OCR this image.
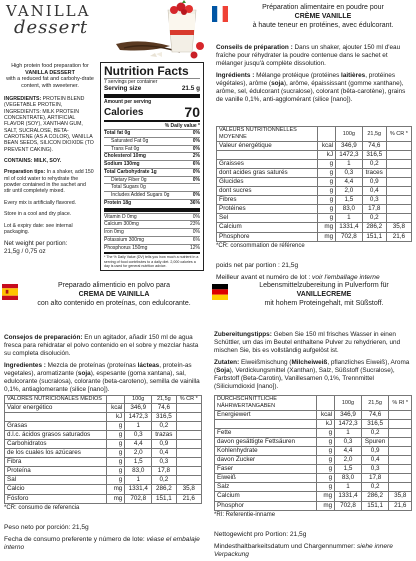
VANILLA
dessert
High protein food preparation for
VANILLA DESSERT
with a reduced fat and carbohy-drate content, with sweetener.

INGREDIENTS: PROTEIN BLEND (VEGETABLE PROTEIN, INGREDIENTS: MILK PROTEIN CONCENTRATE), ARTIFICIAL FLAVOR (SOY), XANTHAN GUM, SALT, SUCRALOSE, BETA-CAROTENE (AS A COLOR), VANILLA BEAN SEEDS, SILICON DIOXIDE (TO PREVENT CAKING).

CONTAINS: MILK, SOY.

Preparation tips: In a shaker, add 150 ml of cold water to rehydrate the powder contained in the sachet and stir until completely mixed.

Every mix is artificially flavored.

Store in a cool and dry place.

Lot & expiry date: see internal packaging.

Net weight per portion:
21,5g / 0,75 oz
Nutrition Facts
7 servings per container
Serving size	21.5 g
Amount per serving
Calories	70
% Daily value *
Total fat 0g	0%
Saturated Fat 0g	0%
Trans Fat 0g	0%
Cholesterol 10mg	2%
Sodium 130mg	6%
Total Carbohydrate 1g	0%
Dietary Fiber 0g	0%
Total Sugars 0g
Includes Added Sugars 0g	0%
Protein 18g	36%
Vitamin D 0mg	0%
Calcium 300mg	23%
Iron 0mg	0%
Potassium 300mg	6%
Phosphorus 150mg	12%
* The % Daily Value (DV) tells you how much a nutrient in a serving of food contributes to a daily diet. 2,000 calories a day is used for general nutrition advice.
Préparation alimentaire en poudre pour
CRÈME VANILLE
à haute teneur en protéines, avec édulcorant.

Conseils de préparation : Dans un shaker, ajouter 150 ml d'eau fraîche pour réhydrater la poudre contenue dans le sachet et mélanger jusqu'à complète dissolution.

Ingrédients : Mélange protéique (protéines laitières, protéines végétales), arôme (soja), arôme, épaississant (gomme xanthane), arôme, sel, édulcorant (sucralose), colorant (bêta-carotène), grains de vanille 0,1%, anti-agglomérant (silice [nano]).

VALEURS NUTRITIONNELLES MOYENNE		100g	21,5g	% CR *
Valeur énergétique	kcal	346,9	74,6	
	kJ	1472,3	316,5	
Graisses	g	1	0,2	
dont acides gras saturés	g	0,3	traces	
Glucides	g	4,4	0,9	
dont sucres	g	2,0	0,4	
Fibres	g	1,5	0,3	
Protéines	g	83,0	17,8	
Sel	g	1	0,2	
Calcium	mg	1331,4	286,2	35,8
Phosphore	mg	702,8	151,1	21,6
*CR: consommation de référence
poids net par portion : 21,5g
Meilleur avant et numéro de lot : voir l'emballage interne
Preparado alimenticio en polvo para
CREMA DE VAINILLA
con alto contenido en proteínas, con edulcorante.

Consejos de preparación: En un agitador, añadir 150 ml de agua fresca para rehidratar el polvo contenido en el sobre y mezclar hasta su completa disolución.

Ingredientes : Mezcla de proteínas (proteínas lácteas, proteín-as vegetales), aromatizante (soja), espesante (goma xantana), sal, edulcorante (sucralosa), colorante (beta-caroteno), semilla de vainilla 0,1%, antiaglomerante (silice [nano]).

VALORES NUTRICIONALES MEDIOS		100g	21,5g	% CR *
Valor energético	kcal	346,9	74,6	
	kJ	1472,3	316,5	
Grasas	g	1	0,2	
d.l.c. ácidos grasos saturados	g	0,3	trazas	
Carbohidratos	g	4,4	0,9	
de los cuales los azúcares	g	2,0	0,4	
Fibra	g	1,5	0,3	
Proteína	g	83,0	17,8	
Sal	g	1	0,2	
Calcio	mg	1331,4	286,2	35,8
Fósforo	mg	702,8	151,1	21,6
*CR: consumo de referencia
Peso neto por porción: 21,5g
Fecha de consumo preferente y número de lote: véase el embalaje interno
Lebensmittelzubereitung in Pulverform für
VANILLECREME
mit hohem Proteingehalt, mit Süßstoff.

Zubereitungstipps: Geben Sie 150 ml frisches Wasser in einen Schüttler, um das im Beutel enthaltene Pulver zu rehydrieren, und mischen Sie, bis es vollständig aufgelöst ist.

Zutaten: Eiweißmischung (Milcheiweiß, pflanzliches Eiweiß), Aroma (Soja), Verdickungsmittel (Xanthan), Salz, Süßstoff (Sucralose), Farbstoff (Beta-Carotin), Vanillesamen 0,1%, Trennmittel (Siliciumdioxid [nano]).

DURCHSCHNITTLICHE NÄHRWERTANGABEN		100g	21,5g	% RI *
Energiewert	kcal	346,9	74,6	
	kJ	1472,3	316,5	
Fette	g	1	0,2	
davon gesättigte Fettsäuren	g	0,3	Spuren	
Kohlenhydrate	g	4,4	0,9	
davon Zucker	g	2,0	0,4	
Faser	g	1,5	0,3	
Eiweiß	g	83,0	17,8	
Salz	g	1	0,2	
Calcium	mg	1331,4	286,2	35,8
Phosphor	mg	702,8	151,1	21,6
*RI: Referentie-inname
Nettogewicht pro Portion: 21,5g
Mindesthaltbarkeitsdatum und Chargennummer: siehe innere Verpackung
